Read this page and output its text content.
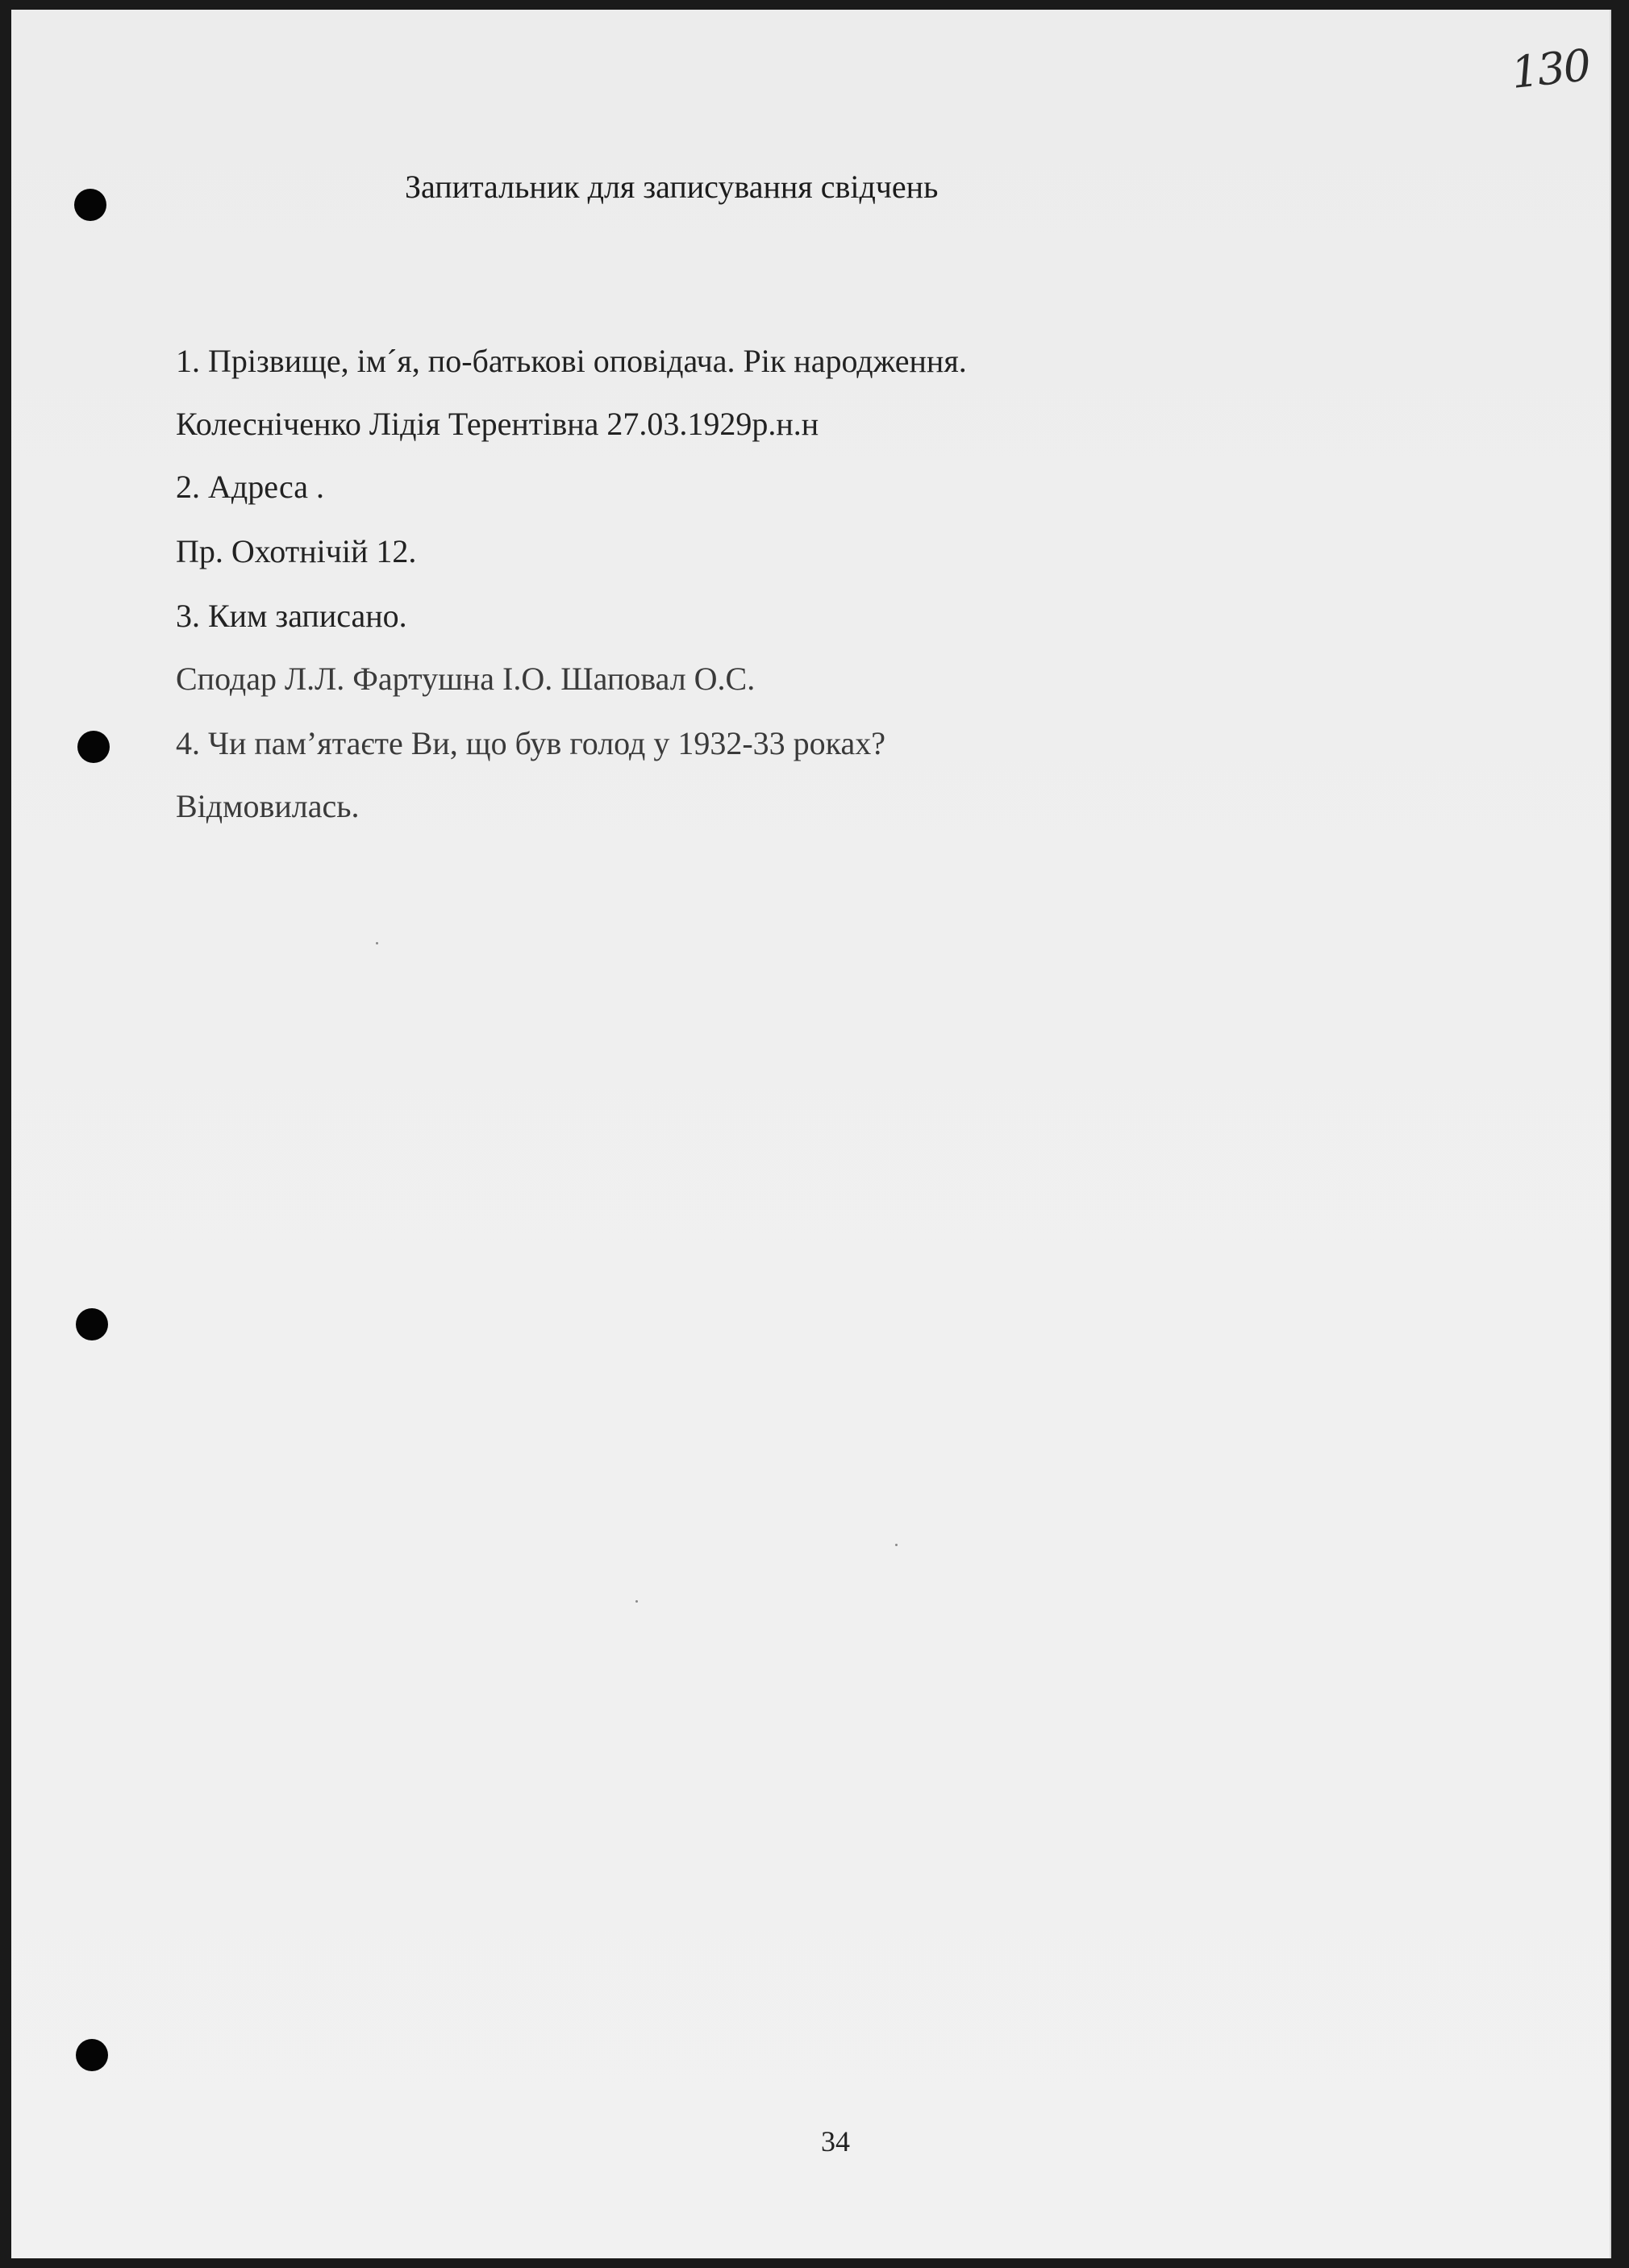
130
Запитальник для записування свідчень
1. Прізвище, ім´я, по-батькові оповідача. Рік народження.
Колесніченко Лідія Терентівна 27.03.1929р.н.н
2. Адреса .
Пр. Охотнічій 12.
3. Ким записано.
Сподар Л.Л. Фартушна І.О. Шаповал О.С.
4. Чи пам’ятаєте Ви, що був голод у 1932-33 роках?
Відмовилась.
34
